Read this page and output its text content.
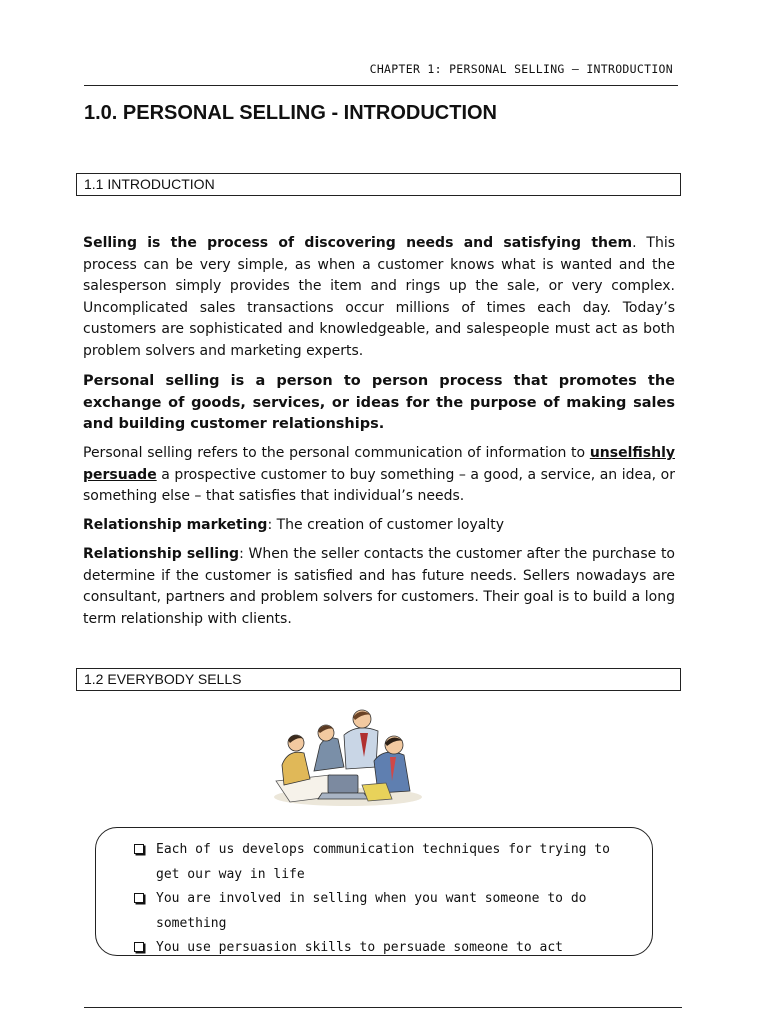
CHAPTER 1: PERSONAL SELLING – INTRODUCTION
1.0. PERSONAL SELLING - INTRODUCTION
1.1 INTRODUCTION

Selling is the process of discovering needs and satisfying them. This process can be very simple, as when a customer knows what is wanted and the salesperson simply provides the item and rings up the sale, or very complex. Uncomplicated sales transactions occur millions of times each day. Today’s customers are sophisticated and knowledgeable, and salespeople must act as both problem solvers and marketing experts.

Personal selling is a person to person process that promotes the exchange of goods, services, or ideas for the purpose of making sales and building customer relationships.

Personal selling refers to the personal communication of information to unselfishly persuade a prospective customer to buy something – a good, a service, an idea, or something else – that satisfies that individual’s needs.

Relationship marketing: The creation of customer loyalty

Relationship selling: When the seller contacts the customer after the purchase to determine if the customer is satisfied and has future needs. Sellers nowadays are consultant, partners and problem solvers for customers. Their goal is to build a long term relationship with clients.

1.2 EVERYBODY SELLS
Each of us develops communication techniques for trying to get our way in life
You are involved in selling when you want someone to do something
You use persuasion skills to persuade someone to act
